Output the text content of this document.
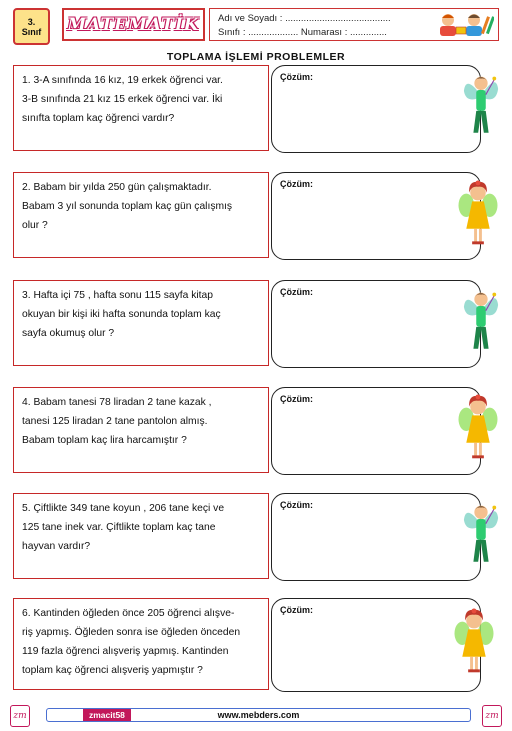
3.
Sınıf MATEMATİK Adı ve Soyadı : ........................................
Sınıfı : ................... Numarası : ..............
TOPLAMA İŞLEMİ PROBLEMLER
1. 3-A sınıfında 16 kız, 19 erkek öğrenci var.
3-B sınıfında 21 kız 15 erkek öğrenci var. İki
sınıfta toplam kaç öğrenci vardır?
Çözüm:
2. Babam bir yılda 250 gün çalışmaktadır.
Babam 3 yıl sonunda toplam kaç gün çalışmış
olur ?
Çözüm:
3. Hafta içi 75 , hafta sonu 115 sayfa kitap
okuyan bir kişi iki hafta sonunda toplam kaç
sayfa okumuş olur ?
Çözüm:
4. Babam tanesi 78 liradan 2 tane kazak ,
tanesi 125 liradan 2 tane pantolon almış.
Babam toplam kaç lira harcamıştır ?
Çözüm:
5. Çiftlikte 349 tane koyun , 206 tane keçi ve
125 tane inek var. Çiftlikte toplam kaç tane
hayvan vardır?
Çözüm:
6. Kantinden öğleden önce 205 öğrenci alışve-
riş yapmış. Öğleden sonra ise öğleden önceden
119 fazla öğrenci alışveriş yapmış. Kantinden
toplam kaç öğrenci alışveriş yapmıştır ?
Çözüm:
zm	www.mebders.com
zmacit58	zm
